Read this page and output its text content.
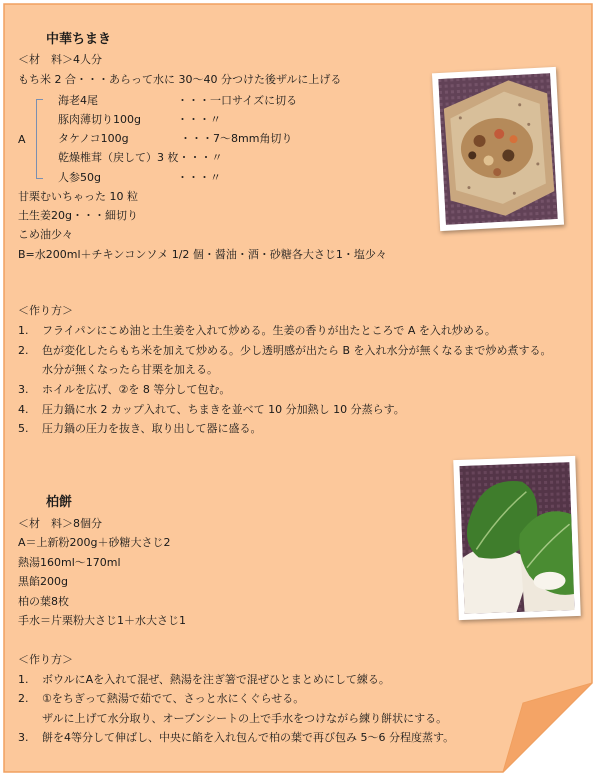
中華ちまき
＜材　料＞4人分
もち米 2 合・・・あらって水に 30～40 分つけた後ザルに上げる
A
海老4尾	・・・一口サイズに切る
豚肉薄切り100g	・・・〃
タケノコ100g	・・・7～8mm角切り
乾燥椎茸（戻して）3 枚・・・〃
人参50g	・・・〃
甘栗むいちゃった 10 粒
土生姜20g・・・細切り
こめ油少々
B=水200ml＋チキンコンソメ 1/2 個・醤油・酒・砂糖各大さじ1・塩少々
＜作り方＞
1. フライパンにこめ油と土生姜を入れて炒める。生姜の香りが出たところで A を入れ炒める。
2. 色が変化したらもち米を加えて炒める。少し透明感が出たら B を入れ水分が無くなるまで炒め煮する。
水分が無くなったら甘栗を加える。
3. ホイルを広げ、②を 8 等分して包む。
4. 圧力鍋に水 2 カップ入れて、ちまきを並べて 10 分加熱し 10 分蒸らす。
5. 圧力鍋の圧力を抜き、取り出して器に盛る。
柏餅
＜材　料＞8個分
A＝上新粉200g＋砂糖大さじ2
熱湯160ml～170ml
黒餡200g
柏の葉8枚
手水＝片栗粉大さじ1＋水大さじ1
＜作り方＞
1. ボウルにAを入れて混ぜ、熱湯を注ぎ箸で混ぜひとまとめにして練る。
2. ①をちぎって熱湯で茹でて、さっと水にくぐらせる。
ザルに上げて水分取り、オーブンシートの上で手水をつけながら練り餅状にする。
3. 餅を4等分して伸ばし、中央に餡を入れ包んで柏の葉で再び包み 5～6 分程度蒸す。
